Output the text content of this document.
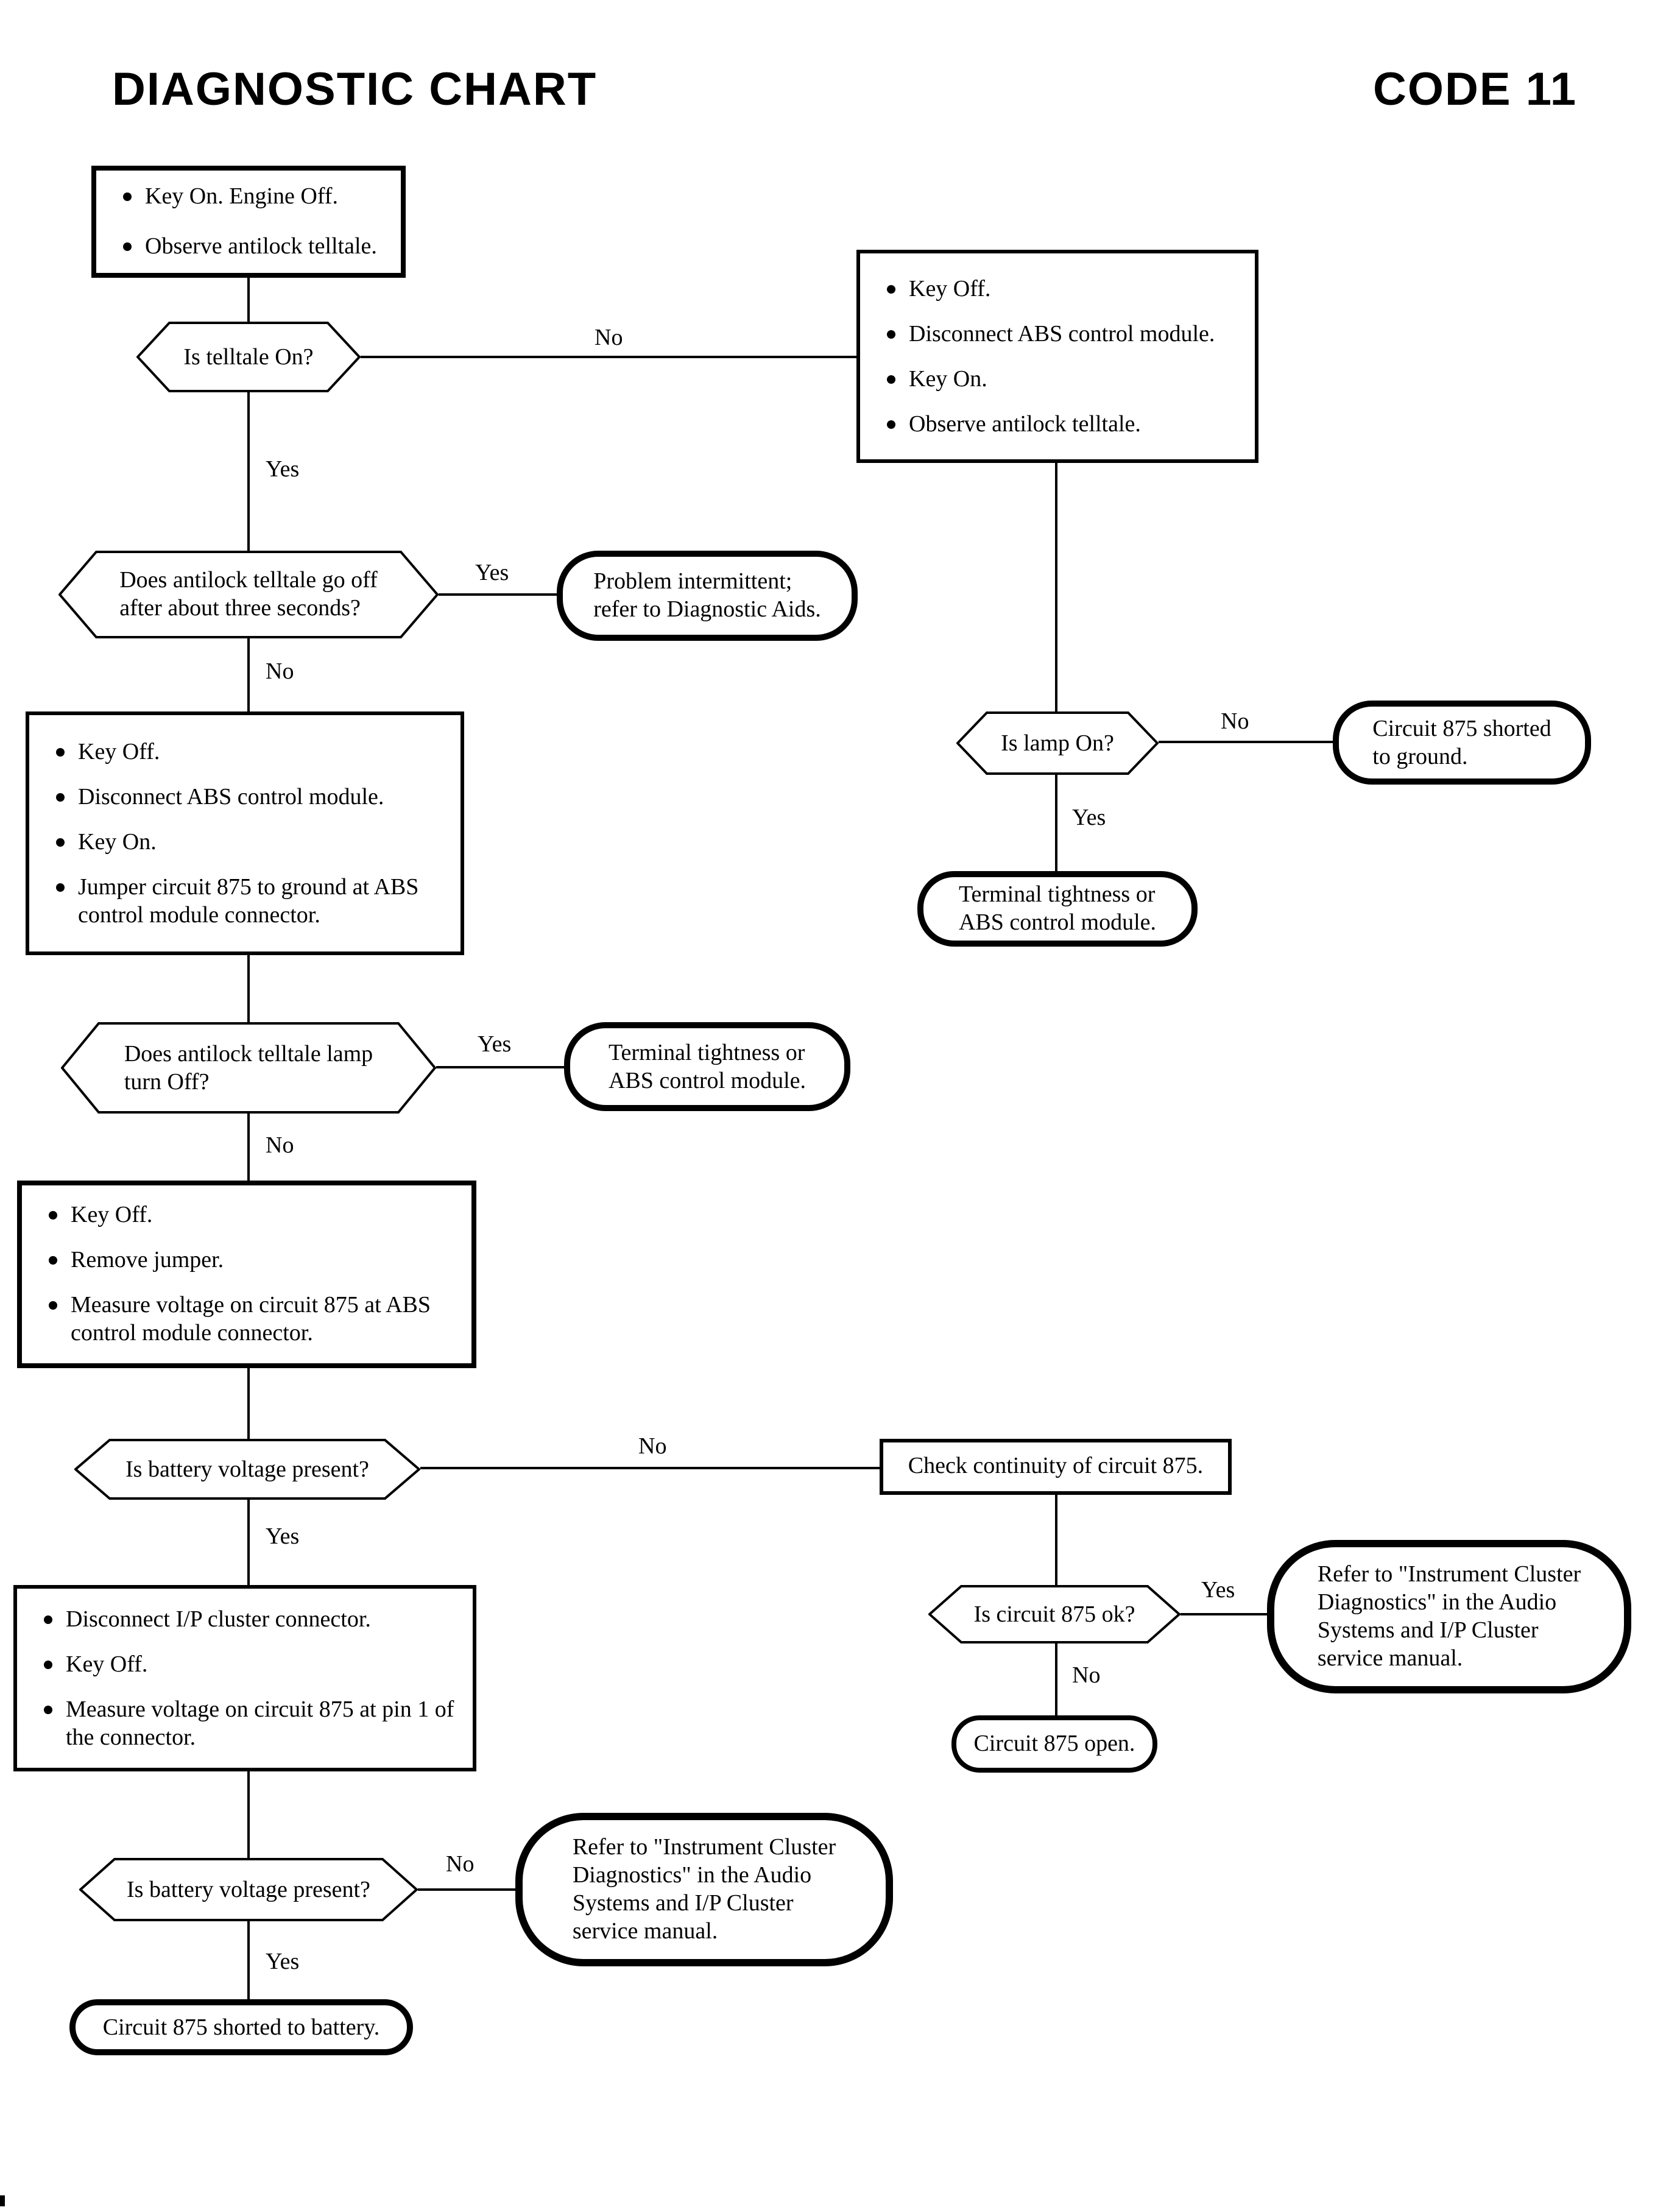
DIAGNOSTIC CHART	CODE 11
No
Yes
Yes
No
No
Yes
Yes
No
No
Yes
Yes
No
No
Yes
Key On. Engine Off.
Observe antilock telltale.
Is telltale On?
Key Off.
Disconnect ABS control module.
Key On.
Observe antilock telltale.
Does antilock telltale go off
after about three seconds?
Problem intermittent;
refer to Diagnostic Aids.
Key Off.
Disconnect ABS control module.
Key On.
Jumper circuit 875 to ground at ABS control module connector.
Is lamp On?
Circuit 875 shorted
to ground.
Terminal tightness or
ABS control module.
Does antilock telltale lamp
turn Off?
Terminal tightness or
ABS control module.
Key Off.
Remove jumper.
Measure voltage on circuit 875 at ABS control module connector.
Is battery voltage present?	Check continuity of circuit 875.
Disconnect I/P cluster connector.
Key Off.
Measure voltage on circuit 875 at pin 1 of the connector.
Is circuit 875 ok?
Refer to "Instrument Cluster
Diagnostics" in the Audio
Systems and I/P Cluster
service manual.
Circuit 875 open.
Is battery voltage present?
Refer to "Instrument Cluster
Diagnostics" in the Audio
Systems and I/P Cluster
service manual.
Circuit 875 shorted to battery.
